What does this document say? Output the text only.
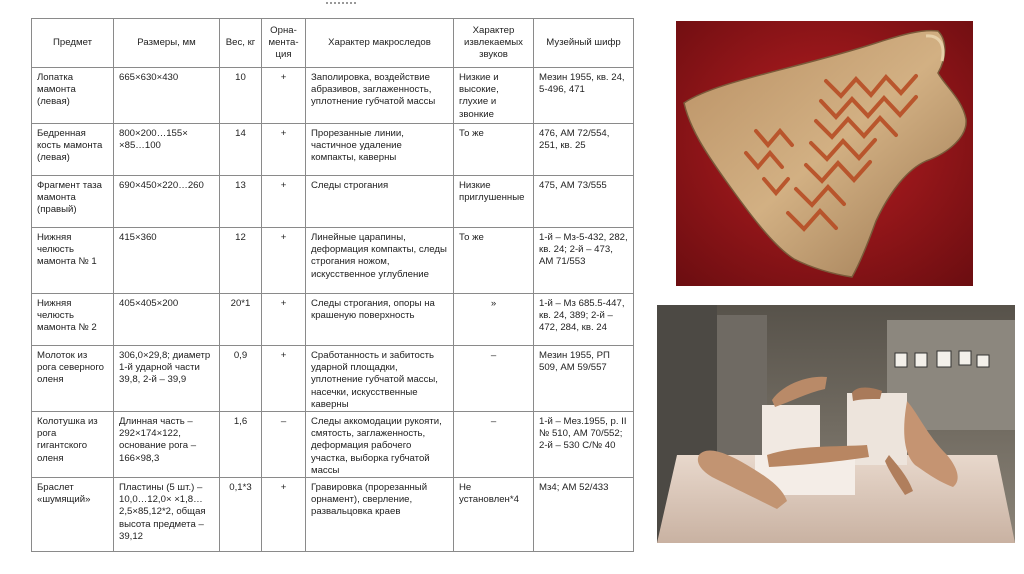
Предмет	Размеры, мм	Вес, кг	Орна-
мента-
ция	Характер макроследов	Характер
извлекаемых
звуков	Музейный шифр
Лопатка мамонта (левая)	665×630×430	10	+	Заполировка, воздействие абразивов, заглаженность, уплотнение губчатой массы	Низкие и высокие, глухие и звонкие	Мезин 1955, кв. 24, 5-496, 471
Бедренная кость мамонта (левая)	800×200…155× ×85…100	14	+	Прорезанные линии, частичное удаление компакты, каверны	То же	476, АМ 72/554, 251, кв. 25
Фрагмент таза мамонта (правый)	690×450×220…260	13	+	Следы строгания	Низкие приглушенные	475, АМ 73/555
Нижняя челюсть мамонта № 1	415×360	12	+	Линейные царапины, деформация компакты, следы строгания ножом, искусственное углубление	То же	1-й – Мз-5-432, 282, кв. 24; 2-й – 473, АМ 71/553
Нижняя челюсть мамонта № 2	405×405×200	20*1	+	Следы строгания, опоры на крашеную поверхность	»	1-й – Мз 685.5-447, кв. 24, 389; 2-й – 472, 284, кв. 24
Молоток из рога северного оленя	306,0×29,8; диаметр 1-й ударной части 39,8, 2-й – 39,9	0,9	+	Сработанность и забитость ударной площадки, уплотнение губчатой массы, насечки, искусственные каверны	–	Мезин 1955, РП 509, АМ 59/557
Колотушка из рога гигантского оленя	Длинная часть – 292×174×122, основание рога – 166×98,3	1,6	–	Следы аккомодации рукояти, смятость, заглаженность, деформация рабочего участка, выборка губчатой массы	–	1-й – Мез.1955, р. II № 510, АМ 70/552; 2-й – 530 С/№ 40
Браслет «шумящий»	Пластины (5 шт.) – 10,0…12,0× ×1,8…2,5×85,12*2, общая высота предмета – 39,12	0,1*3	+	Гравировка (прорезанный орнамент), сверление, развальцовка краев	Не установлен*4	Мз4; АМ 52/433
